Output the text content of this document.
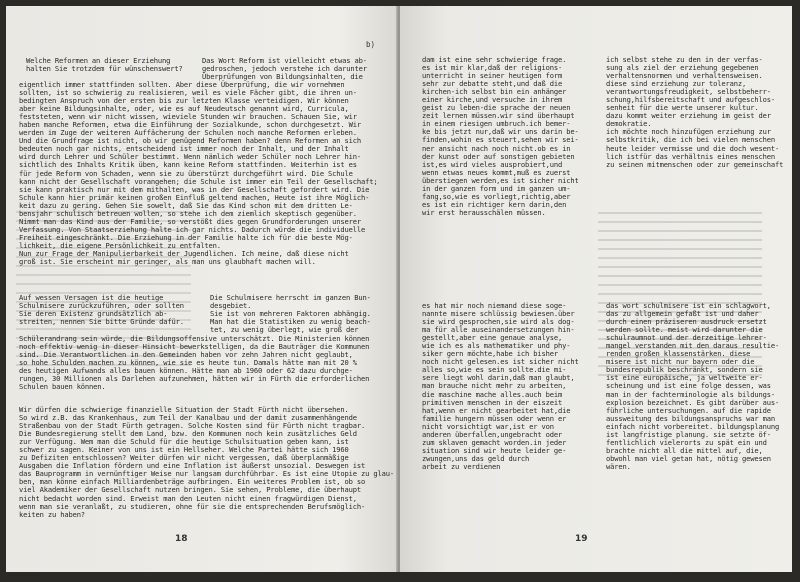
b)
Welche Reformen an dieser Erziehung
halten Sie trotzdem für wünschenswert?
Das Wort Reform ist vielleicht etwas ab-
gedroschen, jedoch verstehe ich darunter
Überprüfungen von Bildungsinhalten, die
eigentlich immer stattfinden sollten. Aber diese Überprüfung, die wir vornehmen
sollten, ist so schwierig zu realisieren, weil es viele Fächer gibt, die ihren un-
bedingten Anspruch von der ersten bis zur letzten Klasse verteidigen. Wir können
aber keine Bildungsinhalte, oder, wie es auf Neudeutsch genannt wird, Curricula,
feststeten, wenn wir nicht wissen, wieviele Stunden wir brauchen. Schauen Sie, wir
haben manche Reformen, etwa die Einführung der Sozialkunde, schon durchgesetzt. Wir
werden im Zuge der weiteren Auffächerung der Schulen noch manche Reformen erleben.
Und die Grundfrage ist nicht, ob wir genügend Reformen haben? denn Reformen an sich
bedeuten noch gar nichts, entscheidend ist immer noch der Inhalt, und der Inhalt
wird durch Lehrer und Schüler bestimmt. Wenn nämlich weder Schüler noch Lehrer hin-
sichtlich des Inhalts Kritik üben, kann keine Reform stattfinden. Weiterhin ist es
für jede Reform von Schaden, wenn sie zu überstürzt durchgeführt wird. Die Schule
kann nicht der Gesellschaft vorangehen; die Schule ist immer ein Teil der Gesellschaft;
sie kann praktisch nur mit dem mithalten, was in der Gesellschaft gefordert wird. Die
Schule kann hier primär keinen großen Einfluß geltend machen, Heute ist ihre Möglich-
keit dazu zu gering. Gehen Sie sowelt, daß Sie das Kind schon mit dem dritten Le-
bensjahr schulisch betreuen wollen, so stehe ich dem ziemlich skeptisch gegenüber.
Nimmt man das Kind aus der Familie, so verstößt dies gegen Grundforderungen unserer
Verfassung. Von Staatserziehung halte ich gar nichts. Dadurch würde die individuelle
Freiheit eingeschränkt. Die Erziehung in der Familie halte ich für die beste Mög-
lichkeit, die eigene Persönlichkeit zu entfalten.
Nun zur Frage der Manipulierbarkeit der Jugendlichen. Ich meine, daß diese nicht
groß ist. Sie erscheint mir geringer, als man uns glaubhaft machen will.
Auf wessen Versagen ist die heutige
Schulmisere zurückzuführen, oder sollten
Sie deren Existenz grundsätzlich ab-
streiten, nennen Sie bitte Gründe dafür.
Die Schulmisere herrscht im ganzen Bun-
desgebiet.
Sie ist von mehreren Faktoren abhängig.
Man hat die Statistiken zu wenig beach-
tet, zu wenig überlegt, wie groß der
Schülerandrang sein würde, die Bildungsoffensive unterschätzt. Die Ministerien können
noch effektiv wenig in dieser Hinsicht bewerkstelligen, da die Bauträger die Kommunen
sind. Die Verantwortlichen in den Gemeinden haben vor zehn Jahren nicht geglaubt,
so hohe Schulden machen zu können, wie sie es heute tun. Damals hätte man mit 20 %
des heutigen Aufwands alles bauen können. Hätte man ab 1960 oder 62 dazu durchge-
rungen, 30 Millionen als Darlehen aufzunehmen, hätten wir in Fürth die erforderlichen
Schulen bauen können.
Wir dürfen die schwierige finanzielle Situation der Stadt Fürth nicht übersehen.
So wird z.B. das Krankenhaus, zum Teil der Kanalbau und der damit zusammenhängende
Straßenbau von der Stadt Fürth getragen. Solche Kosten sind für Fürth nicht tragbar.
Die Bundesregierung stellt dem Land, bzw. den Kommunen noch kein zusätzliches Geld
zur Verfügung. Wem man die Schuld für die heutige Schulsituation geben kann, ist
schwer zu sagen. Keiner von uns ist ein Hellseher. Welche Partei hätte sich 1960
zu Defiziten entschlossen? Weiter dürfen wir nicht vergessen, daß überplanmäßige
Ausgaben die Inflation fördern und eine Inflation ist äußerst unsozial. Deswegen ist
das Bauprogramm in vernünftiger Weise nur langsam durchführbar. Es ist eine Utopie zu glau-
ben, man könne einfach Milliardenbeträge aufbringen. Ein weiteres Problem ist, ob so
viel Akademiker der Gesellschaft nutzen bringen. Sie sehen, Probleme, die überhaupt
nicht bedacht worden sind. Erweist man den Leuten nicht einen fragwürdigen Dienst,
wenn man sie veranlaßt, zu studieren, ohne für sie die entsprechenden Berufsmöglich-
keiten zu haben?
18
dam ist eine sehr schwierige frage.
es ist mir klar,daß der religions-
unterricht in seiner heutigen form
sehr zur debatte steht,und daß die
kirchen-ich selbst bin ein anhänger
einer kirche,und versuche in ihrem
geist zu leben-die sprache der neuen
zeit lernen müssen.wir sind überhaupt
in einem riesigen umbruch.ich bemer-
ke bis jetzt nur,daß wir uns darin be-
finden,wohin es steuert,sehen wir sei-
ner ansicht nach noch nicht.ob es in
der kunst oder auf sonstigen gebieten
ist,es wird vieles ausprobiert,und
wenn etwas neues kommt,muß es zuerst
überstiegen werden,es ist sicher nicht
in der ganzen form und im ganzen um-
fang,so,wie es vorliegt,richtig,aber
es ist ein richtiger kern darin,den
wir erst herausschälen müssen.
ich selbst stehe zu den in der verfas-
sung als ziel der erziehung gegebenen
verhaltensnormen und verhaltensweisen.
diese sind erziehung zur toleranz,
verantwortungsfreudigkeit, selbstbeherr-
schung,hilfsbereitschaft und aufgeschlos-
senheit für die werte unserer kultur.
dazu kommt weiter erziehung im geist der
demokratie.
ich möchte noch hinzufügen erziehung zur
selbstkritik, die ich bei vielen menschen
heute leider vermisse und die doch wesent-
lich istfür das verhältnis eines menschen
zu seinen mitmenschen oder zur gemeinschaft
es hat mir noch niemand diese soge-
nannte misere schlüssig bewiesen.über
sie wird gesprochen,sie wird als dog-
ma für alle auseinandersetzungen hin-
gestellt,aber eine genaue analyse,
wie ich es als mathematiker und phy-
siker gern möchte,habe ich bisher
noch nicht gelesen.es ist sicher nicht
alles so,wie es sein sollte.die mi-
sere liegt wohl darin,daß man glaubt,
man brauche nicht mehr zu arbeiten,
die maschine mache alles.auch beim
primitiven menschen in der eiszeit
hat,wenn er nicht gearbeitet hat,die
familie hungern müssen oder wenn er
nicht vorsichtigt war,ist er von
anderen überfallen,ungebracht oder
zum sklaven gemacht worden.in jeder
situation sind wir heute leider ge-
zwungen,uns das geld durch
arbeit zu verdienen
das wort schulmisere ist ein schlagwort,
das zu allgemein gefaßt ist und daher
durch einen präziseren ausdruck ersetzt
werden sollte. meist wird darunter die
schulraumnot und der derzeitige lehrer-
mangel verstanden mit den daraus resultie-
renden großen klassenstärken. diese
misere ist nicht nur bayern oder die
bundesrepublik beschränkt, sondern sie
ist eine europäische, ja weltweite er-
scheinung und ist eine folge dessen, was
man in der fachterminologie als bildungs-
explosion bezeichnet. Es gibt darüber aus-
führliche untersuchungen. auf die rapide
aussweitung des bildungsanspruchs war man
einfach nicht vorbereitet. bildungsplanung
ist langfristige planung. sie setzte öf-
fentlichlich vielerorts zu spät ein und
brachte nicht all die mittel auf, die,
obwohl man viel getan hat, nötig gewesen
wären.
19
